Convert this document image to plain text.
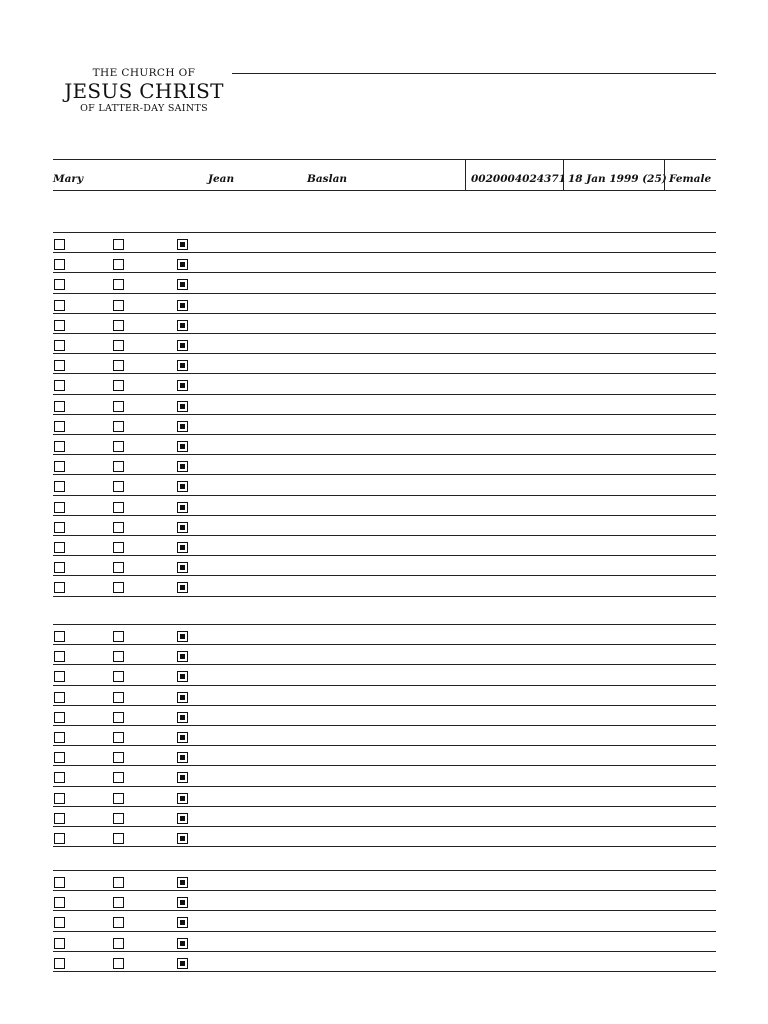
THE CHURCH OF
JESUS CHRIST
OF LATTER-DAY SAINTS
Mary	Jean	Baslan	0020004024371 18 Jan 1999 (25) Female
